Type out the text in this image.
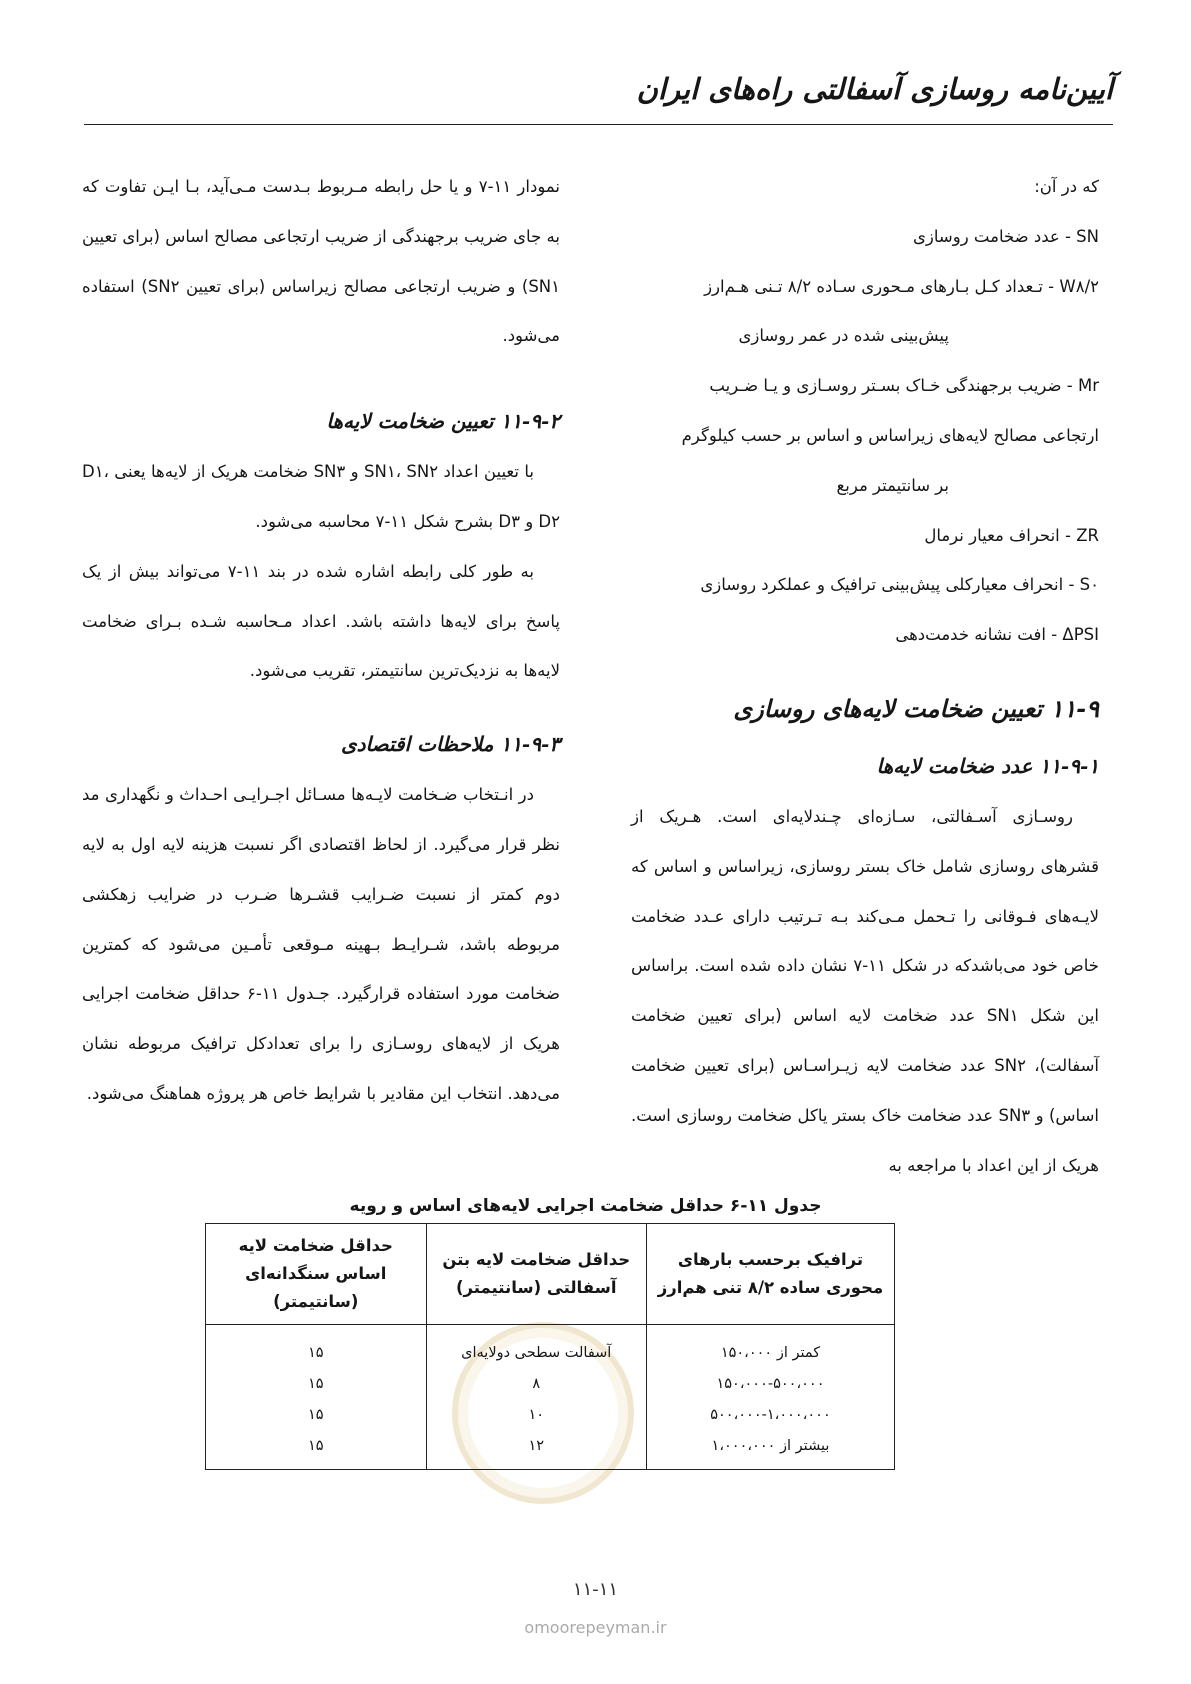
آیین‌نامه روسازی آسفالتی راه‌های ایران

که در آن:

SN - عدد ضخامت روسازی

W۸/۲ - تـعداد کـل بـارهای مـحوری سـاده ۸/۲ تـنی هـم‌ارز

پیش‌بینی شده در عمر روسازی

Mr - ضریب برجهندگی خـاک بسـتر روسـازی و یـا ضـریب

ارتجاعی مصالح لایه‌های زیراساس و اساس بر حسب کیلوگرم

بر سانتیمتر مربع

ZR - انحراف معیار نرمال

S۰ - انحراف معیارکلی پیش‌بینی ترافیک و عملکرد روسازی

ΔPSI - افت نشانه خدمت‌دهی

۱۱-۹ تعیین ضخامت لایه‌های روسازی
۱۱-۹-۱ عدد ضخامت لایه‌ها

روسـازی آسـفالتی، سـازه‌ای چـندلایه‌ای است. هـریک از قشرهای روسازی شامل خاک بستر روسازی، زیراساس و اساس که لایـه‌های فـوقانی را تـحمل مـی‌کند بـه تـرتیب دارای عـدد ضخامت خاص خود می‌باشدکه در شکل ۱۱-۷ نشان داده شده است. براساس این شکل SN۱ عدد ضخامت لایه اساس (برای تعیین ضخامت آسفالت)، SN۲ عدد ضخامت لایه زیـراسـاس (برای تعیین ضخامت اساس) و SN۳ عدد ضخامت خاک بستر یاکل ضخامت روسازی است. هریک از این اعداد با مراجعه به

نمودار ۱۱-۷ و یا حل رابطه مـربوط بـدست مـی‌آید، بـا ایـن تفاوت که به جای ضریب برجهندگی از ضریب ارتجاعی مصالح اساس (برای تعیین SN۱) و ضریب ارتجاعی مصالح زیراساس (برای تعیین SN۲) استفاده می‌شود.

۱۱-۹-۲ تعیین ضخامت لایه‌ها

با تعیین اعداد SN۱، SN۲ و SN۳ ضخامت هریک از لایه‌ها یعنی D۱، D۲ و D۳ بشرح شکل ۱۱-۷ محاسبه می‌شود.

به طور کلی رابطه اشاره شده در بند ۱۱-۷ می‌تواند بیش از یک پاسخ برای لایه‌ها داشته باشد. اعداد مـحاسبه شـده بـرای ضخامت لایه‌ها به نزدیک‌ترین سانتیمتر، تقریب می‌شود.

۱۱-۹-۳ ملاحظات اقتصادی

در انـتخاب ضـخامت لایـه‌ها مسـائل اجـرایـی احـداث و نگهداری مد نظر قرار می‌گیرد. از لحاظ اقتصادی اگر نسبت هزینه لایه اول به لایه دوم کمتر از نسبت ضـرایب قشـرها ضـرب در ضرایب زهکشی مربوطه باشد، شـرایـط بـهینه مـوقعی تأمـین می‌شود که کمترین ضخامت مورد استفاده قرارگیرد. جـدول ۱۱-۶ حداقل ضخامت اجرایی هریک از لایه‌های روسـازی را برای تعدادکل ترافیک مربوطه نشان می‌دهد. انتخاب این مقادیر با شرایط خاص هر پروژه هماهنگ می‌شود.

جدول ۱۱-۶ حداقل ضخامت اجرایی لایه‌های اساس و رویه
ترافیک برحسب بارهای محوری ساده ۸/۲ تنی هم‌ارز	حداقل ضخامت لایه بتن آسفالتی (سانتیمتر)	حداقل ضخامت لایه اساس سنگدانه‌ای (سانتیمتر)
کمتر از ۱۵۰،۰۰۰	آسفالت سطحی دولایه‌ای	۱۵
۱۵۰،۰۰۰-۵۰۰،۰۰۰	۸	۱۵
۵۰۰،۰۰۰-۱،۰۰۰،۰۰۰	۱۰	۱۵
بیشتر از ۱،۰۰۰،۰۰۰	۱۲	۱۵
۱۱-۱۱
omoorepeyman.ir
